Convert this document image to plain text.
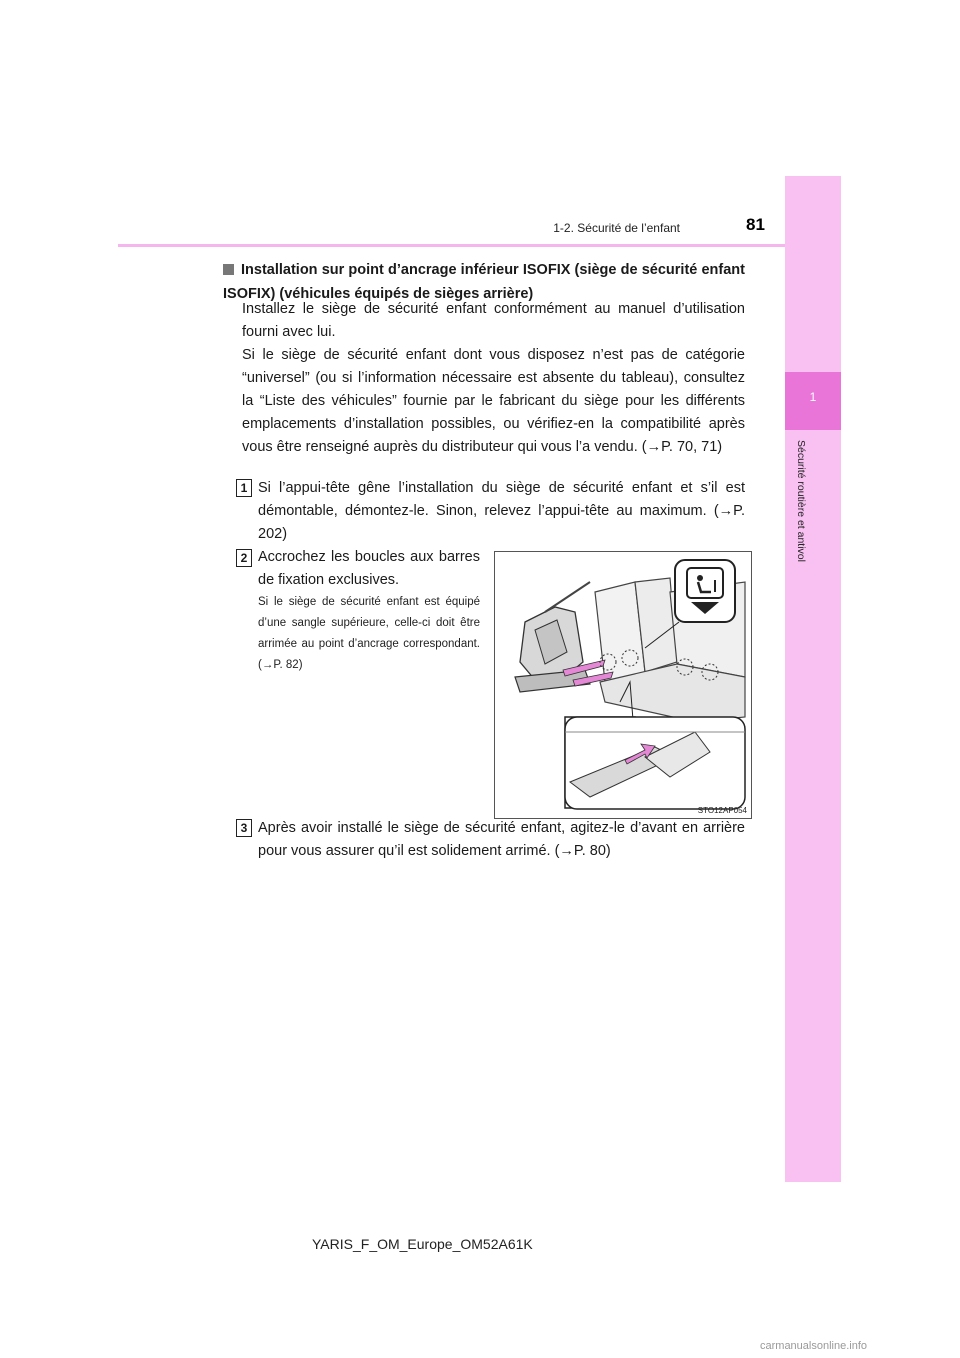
1
Sécurité routière et antivol
1-2. Sécurité de l’enfant	81
Installation sur point d’ancrage inférieur ISOFIX (siège de sécurité enfant ISOFIX) (véhicules équipés de sièges arrière)
Installez le siège de sécurité enfant conformément au manuel d’utilisation fourni avec lui.
Si le siège de sécurité enfant dont vous disposez n’est pas de catégorie “universel” (ou si l’information nécessaire est absente du tableau), consultez la “Liste des véhicules” fournie par le fabricant du siège pour les différents emplacements d’installation possibles, ou vérifiez-en la compatibilité après vous être renseigné auprès du distributeur qui vous l’a vendu. (→P. 70, 71)
1 Si l’appui-tête gêne l’installation du siège de sécurité enfant et s’il est démontable, démontez-le. Sinon, relevez l’appui-tête au maximum. (→P. 202)
2 Accrochez les boucles aux barres de fixation exclusives.
Si le siège de sécurité enfant est équipé d’une sangle supérieure, celle-ci doit être arrimée au point d’ancrage correspondant. (→P. 82)
STO12AP054
3 Après avoir installé le siège de sécurité enfant, agitez-le d’avant en arrière pour vous assurer qu’il est solidement arrimé. (→P. 80)
YARIS_F_OM_Europe_OM52A61K
carmanualsonline.info
